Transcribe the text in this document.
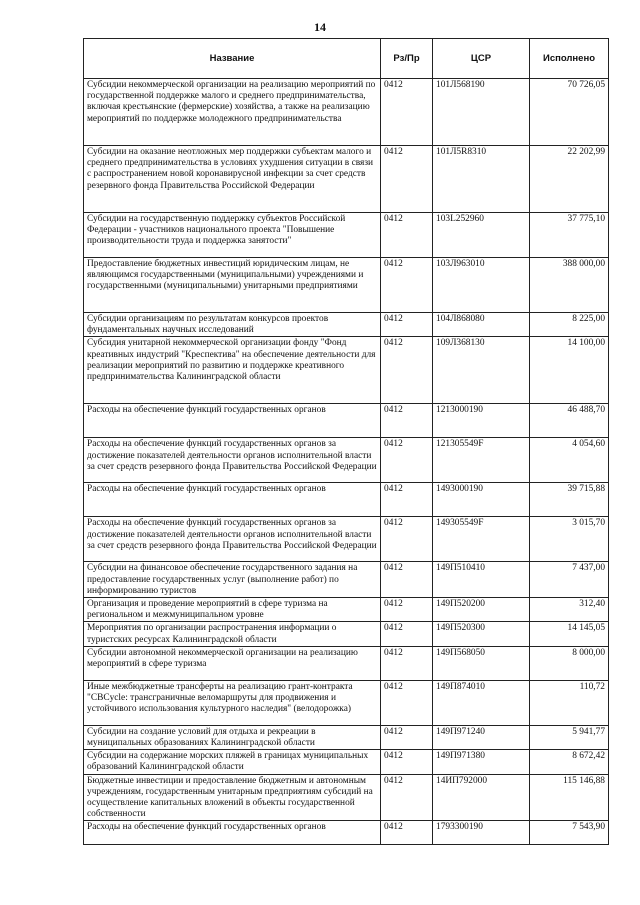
14
Название	Рз/Пр	ЦСР	Исполнено
Субсидии некоммерческой организации на реализацию мероприятий по государственной поддержке малого и среднего предпринимательства, включая крестьянские (фермерские) хозяйства, а также на реализацию мероприятий по поддержке молодежного предпринимательства	0412	101Л568190	70 726,05
Субсидии на оказание неотложных мер поддержки субъектам малого и среднего предпринимательства в условиях ухудшения ситуации в связи с распространением новой коронавирусной инфекции за счет средств резервного фонда Правительства Российской Федерации	0412	101Л5R8310	22 202,99
Субсидии на государственную поддержку субъектов Российской Федерации - участников национального проекта "Повышение производительности труда и поддержка занятости"	0412	103L252960	37 775,10
Предоставление бюджетных инвестиций юридическим лицам, не являющимся государственными (муниципальными) учреждениями и государственными (муниципальными) унитарными предприятиями	0412	103Л963010	388 000,00
Субсидии организациям по результатам конкурсов проектов фундаментальных научных исследований	0412	104Л868080	8 225,00
Субсидия унитарной некоммерческой организации фонду "Фонд креативных индустрий "Креспектива" на обеспечение деятельности для реализации мероприятий по развитию и поддержке креативного предпринимательства Калининградской области	0412	109Л368130	14 100,00
Расходы на обеспечение функций государственных органов	0412	1213000190	46 488,70
Расходы на обеспечение функций государственных органов за достижение показателей деятельности органов исполнительной власти за счет средств резервного фонда Правительства Российской Федерации	0412	121305549F	4 054,60
Расходы на обеспечение функций государственных органов	0412	1493000190	39 715,88
Расходы на обеспечение функций государственных органов за достижение показателей деятельности органов исполнительной власти за счет средств резервного фонда Правительства Российской Федерации	0412	149305549F	3 015,70
Субсидии на финансовое обеспечение государственного задания на предоставление государственных услуг (выполнение работ) по информированию туристов	0412	149П510410	7 437,00
Организация и проведение мероприятий в сфере туризма на региональном и межмуниципальном уровне	0412	149П520200	312,40
Мероприятия по организации распространения информации о туристских ресурсах Калининградской области	0412	149П520300	14 145,05
Субсидии автономной некоммерческой организации на реализацию мероприятий в сфере туризма	0412	149П568050	8 000,00
Иные межбюджетные трансферты на реализацию грант-контракта "CBCycle: трансграничные веломаршруты для продвижения и устойчивого использования культурного наследия" (велодорожка)	0412	149П874010	110,72
Субсидии на создание условий для отдыха и рекреации в муниципальных образованиях Калининградской области	0412	149П971240	5 941,77
Субсидии на содержание морских пляжей в границах муниципальных образований Калининградской области	0412	149П971380	8 672,42
Бюджетные инвестиции и предоставление бюджетным и автономным учреждениям, государственным унитарным предприятиям субсидий на осуществление капитальных вложений в объекты государственной собственности	0412	14ИП792000	115 146,88
Расходы на обеспечение функций государственных органов	0412	1793300190	7 543,90
